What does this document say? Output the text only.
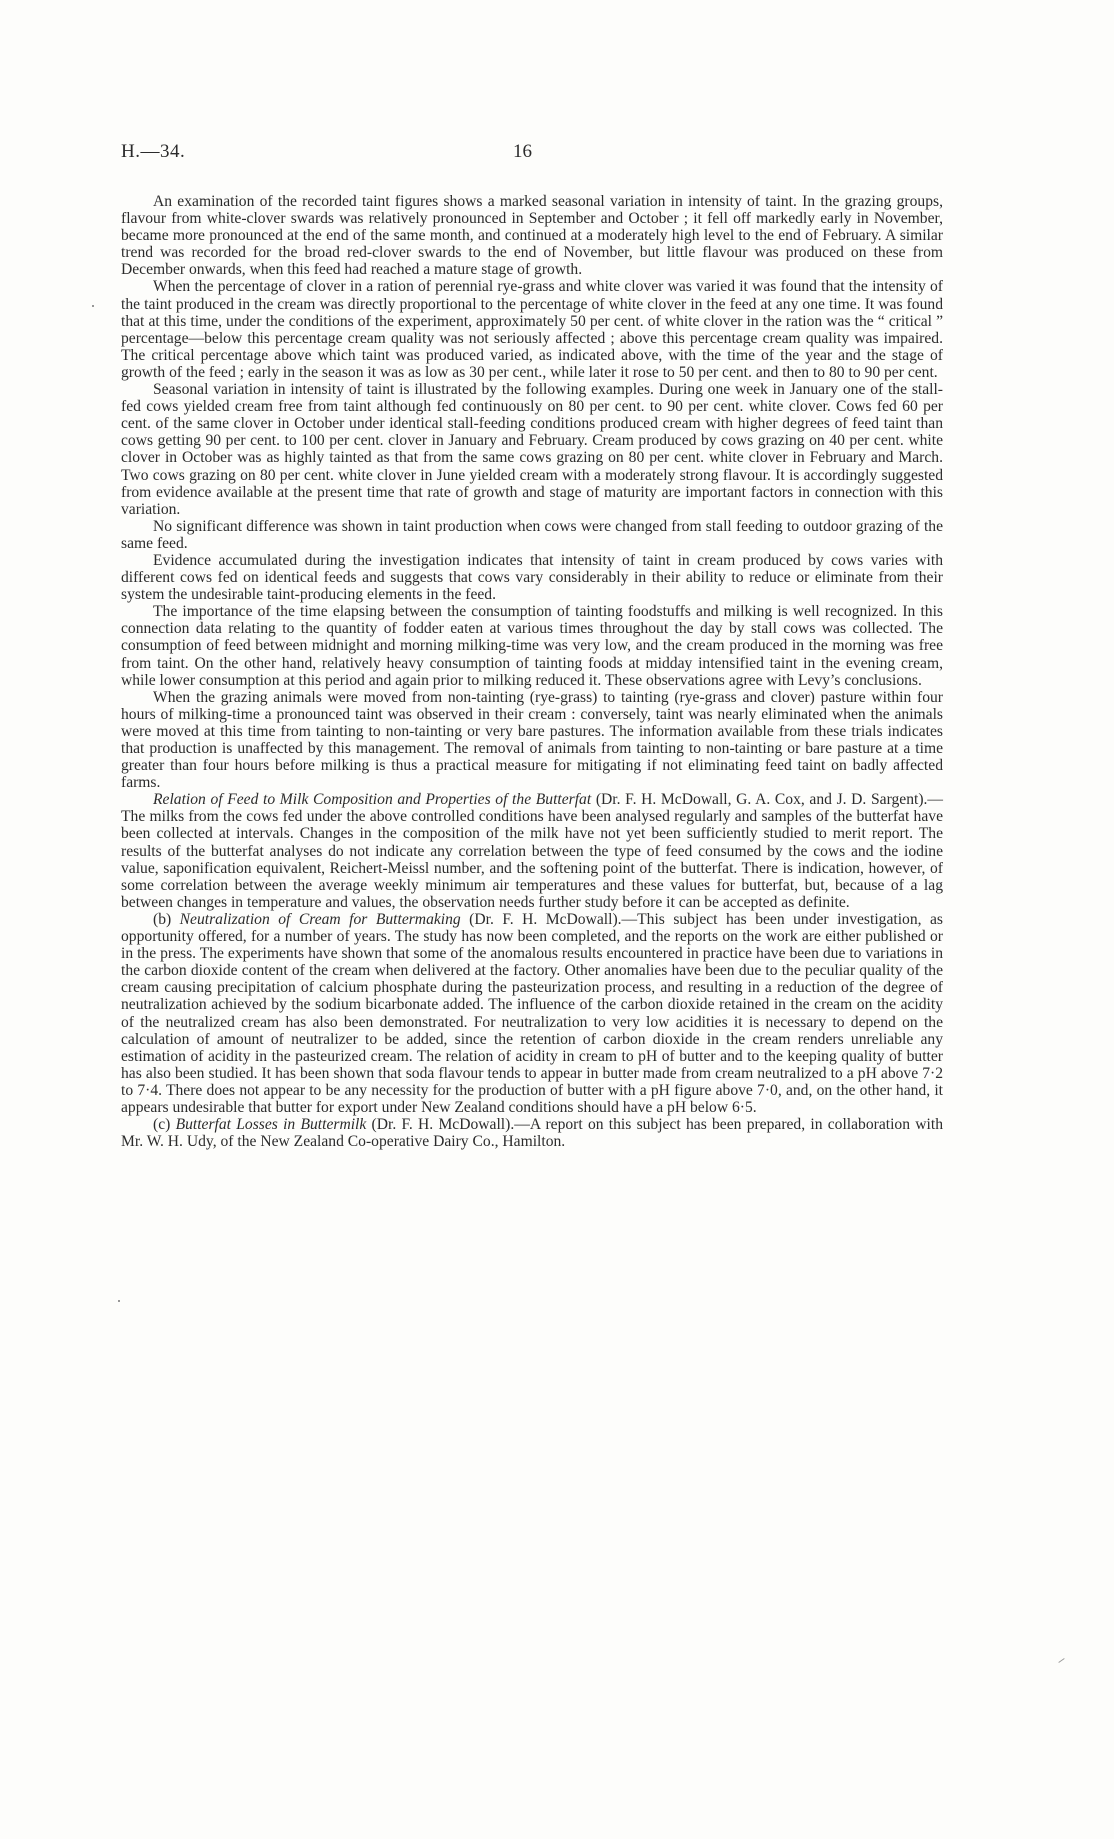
H.—34.	16

An examination of the recorded taint figures shows a marked seasonal variation in intensity of taint. In the grazing groups, flavour from white-clover swards was relatively pronounced in September and October ; it fell off markedly early in November, became more pronounced at the end of the same month, and continued at a moderately high level to the end of February. A similar trend was recorded for the broad red-clover swards to the end of November, but little flavour was produced on these from December onwards, when this feed had reached a mature stage of growth.

When the percentage of clover in a ration of perennial rye-grass and white clover was varied it was found that the intensity of the taint produced in the cream was directly proportional to the percentage of white clover in the feed at any one time. It was found that at this time, under the conditions of the experiment, approximately 50 per cent. of white clover in the ration was the “ critical ” percentage—below this percentage cream quality was not seriously affected ; above this percentage cream quality was impaired. The critical percentage above which taint was produced varied, as indicated above, with the time of the year and the stage of growth of the feed ; early in the season it was as low as 30 per cent., while later it rose to 50 per cent. and then to 80 to 90 per cent.

Seasonal variation in intensity of taint is illustrated by the following examples. During one week in January one of the stall-fed cows yielded cream free from taint although fed continuously on 80 per cent. to 90 per cent. white clover. Cows fed 60 per cent. of the same clover in October under identical stall-feeding conditions produced cream with higher degrees of feed taint than cows getting 90 per cent. to 100 per cent. clover in January and February. Cream produced by cows grazing on 40 per cent. white clover in October was as highly tainted as that from the same cows grazing on 80 per cent. white clover in February and March. Two cows grazing on 80 per cent. white clover in June yielded cream with a moderately strong flavour. It is accordingly suggested from evidence available at the present time that rate of growth and stage of maturity are important factors in connection with this variation.

No significant difference was shown in taint production when cows were changed from stall feeding to outdoor grazing of the same feed.

Evidence accumulated during the investigation indicates that intensity of taint in cream produced by cows varies with different cows fed on identical feeds and suggests that cows vary considerably in their ability to reduce or eliminate from their system the undesirable taint-producing elements in the feed.

The importance of the time elapsing between the consumption of tainting foodstuffs and milking is well recognized. In this connection data relating to the quantity of fodder eaten at various times throughout the day by stall cows was collected. The consumption of feed between midnight and morning milking-time was very low, and the cream produced in the morning was free from taint. On the other hand, relatively heavy consumption of tainting foods at midday intensified taint in the evening cream, while lower consumption at this period and again prior to milking reduced it. These observations agree with Levy’s conclusions.

When the grazing animals were moved from non-tainting (rye-grass) to tainting (rye-grass and clover) pasture within four hours of milking-time a pronounced taint was observed in their cream : conversely, taint was nearly eliminated when the animals were moved at this time from tainting to non-tainting or very bare pastures. The information available from these trials indicates that production is unaffected by this management. The removal of animals from tainting to non-tainting or bare pasture at a time greater than four hours before milking is thus a practical measure for mitigating if not eliminating feed taint on badly affected farms.

Relation of Feed to Milk Composition and Properties of the Butterfat (Dr. F. H. McDowall, G. A. Cox, and J. D. Sargent).—The milks from the cows fed under the above controlled conditions have been analysed regularly and samples of the butterfat have been collected at intervals. Changes in the composition of the milk have not yet been sufficiently studied to merit report. The results of the butterfat analyses do not indicate any correlation between the type of feed consumed by the cows and the iodine value, saponification equivalent, Reichert-Meissl number, and the softening point of the butterfat. There is indication, however, of some correlation between the average weekly minimum air temperatures and these values for butterfat, but, because of a lag between changes in temperature and values, the observation needs further study before it can be accepted as definite.

(b) Neutralization of Cream for Buttermaking (Dr. F. H. McDowall).—This subject has been under investigation, as opportunity offered, for a number of years. The study has now been completed, and the reports on the work are either published or in the press. The experiments have shown that some of the anomalous results encountered in practice have been due to variations in the carbon dioxide content of the cream when delivered at the factory. Other anomalies have been due to the peculiar quality of the cream causing precipitation of calcium phosphate during the pasteurization process, and resulting in a reduction of the degree of neutralization achieved by the sodium bicarbonate added. The influence of the carbon dioxide retained in the cream on the acidity of the neutralized cream has also been demonstrated. For neutralization to very low acidities it is necessary to depend on the calculation of amount of neutralizer to be added, since the retention of carbon dioxide in the cream renders unreliable any estimation of acidity in the pasteurized cream. The relation of acidity in cream to pH of butter and to the keeping quality of butter has also been studied. It has been shown that soda flavour tends to appear in butter made from cream neutralized to a pH above 7·2 to 7·4. There does not appear to be any necessity for the production of butter with a pH figure above 7·0, and, on the other hand, it appears undesirable that butter for export under New Zealand conditions should have a pH below 6·5.

(c) Butterfat Losses in Buttermilk (Dr. F. H. McDowall).—A report on this subject has been prepared, in collaboration with Mr. W. H. Udy, of the New Zealand Co-operative Dairy Co., Hamilton.
